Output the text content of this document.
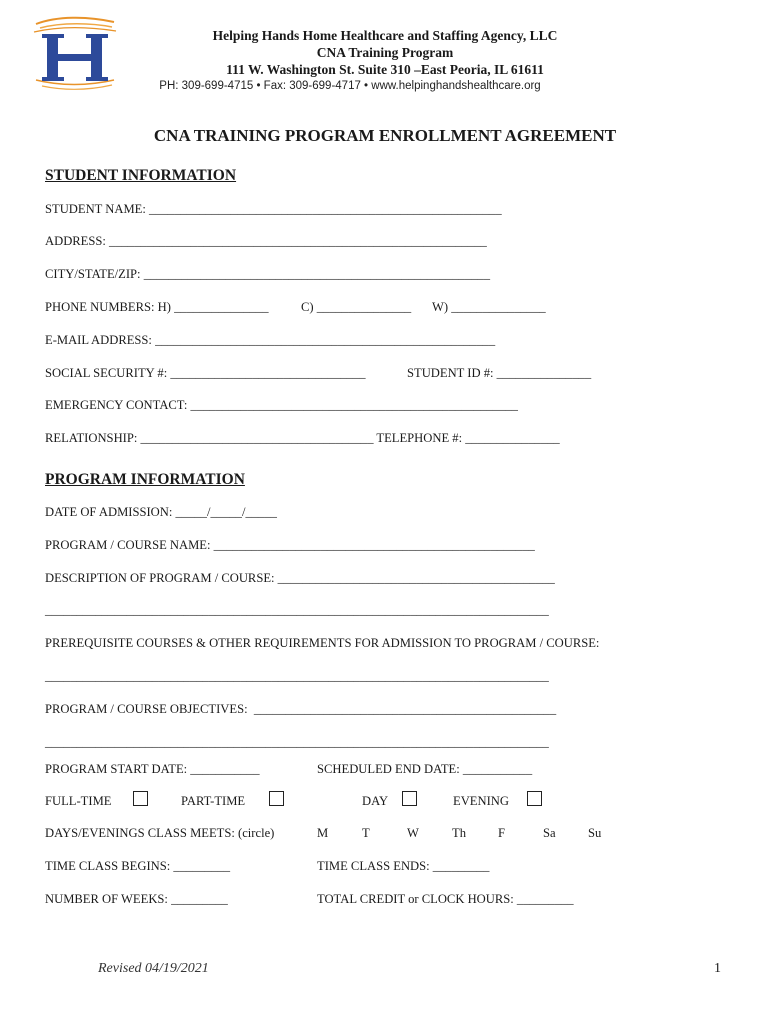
Helping Hands Home Healthcare and Staffing Agency, LLC
CNA Training Program
111 W. Washington St. Suite 310 –East Peoria, IL 61611
PH: 309-699-4715 • Fax: 309-699-4717 • www.helpinghandshealthcare.org
CNA TRAINING PROGRAM ENROLLMENT AGREEMENT
STUDENT INFORMATION
STUDENT NAME: ________________________________________________________
ADDRESS: ____________________________________________________________
CITY/STATE/ZIP: _______________________________________________________
PHONE NUMBERS: H) _______________	C) _______________ W) _______________
E-MAIL ADDRESS: ______________________________________________________
SOCIAL SECURITY #: _______________________________	STUDENT ID #: _______________
EMERGENCY CONTACT: ____________________________________________________
RELATIONSHIP: _____________________________________ TELEPHONE #: _______________
PROGRAM INFORMATION
DATE OF ADMISSION: _____/_____/_____
PROGRAM / COURSE NAME: ___________________________________________________
DESCRIPTION OF PROGRAM / COURSE: ____________________________________________
________________________________________________________________________________
PREREQUISITE COURSES & OTHER REQUIREMENTS FOR ADMISSION TO PROGRAM / COURSE:
________________________________________________________________________________
PROGRAM / COURSE OBJECTIVES:  ________________________________________________
________________________________________________________________________________
PROGRAM START DATE: ___________	SCHEDULED END DATE: ___________
FULL-TIME	PART-TIME	DAY	EVENING
DAYS/EVENINGS CLASS MEETS: (circle)	M	T	W	Th	F	Sa	Su
TIME CLASS BEGINS: _________	TIME CLASS ENDS: _________
NUMBER OF WEEKS: _________	TOTAL CREDIT or CLOCK HOURS: _________
Revised 04/19/2021	1
